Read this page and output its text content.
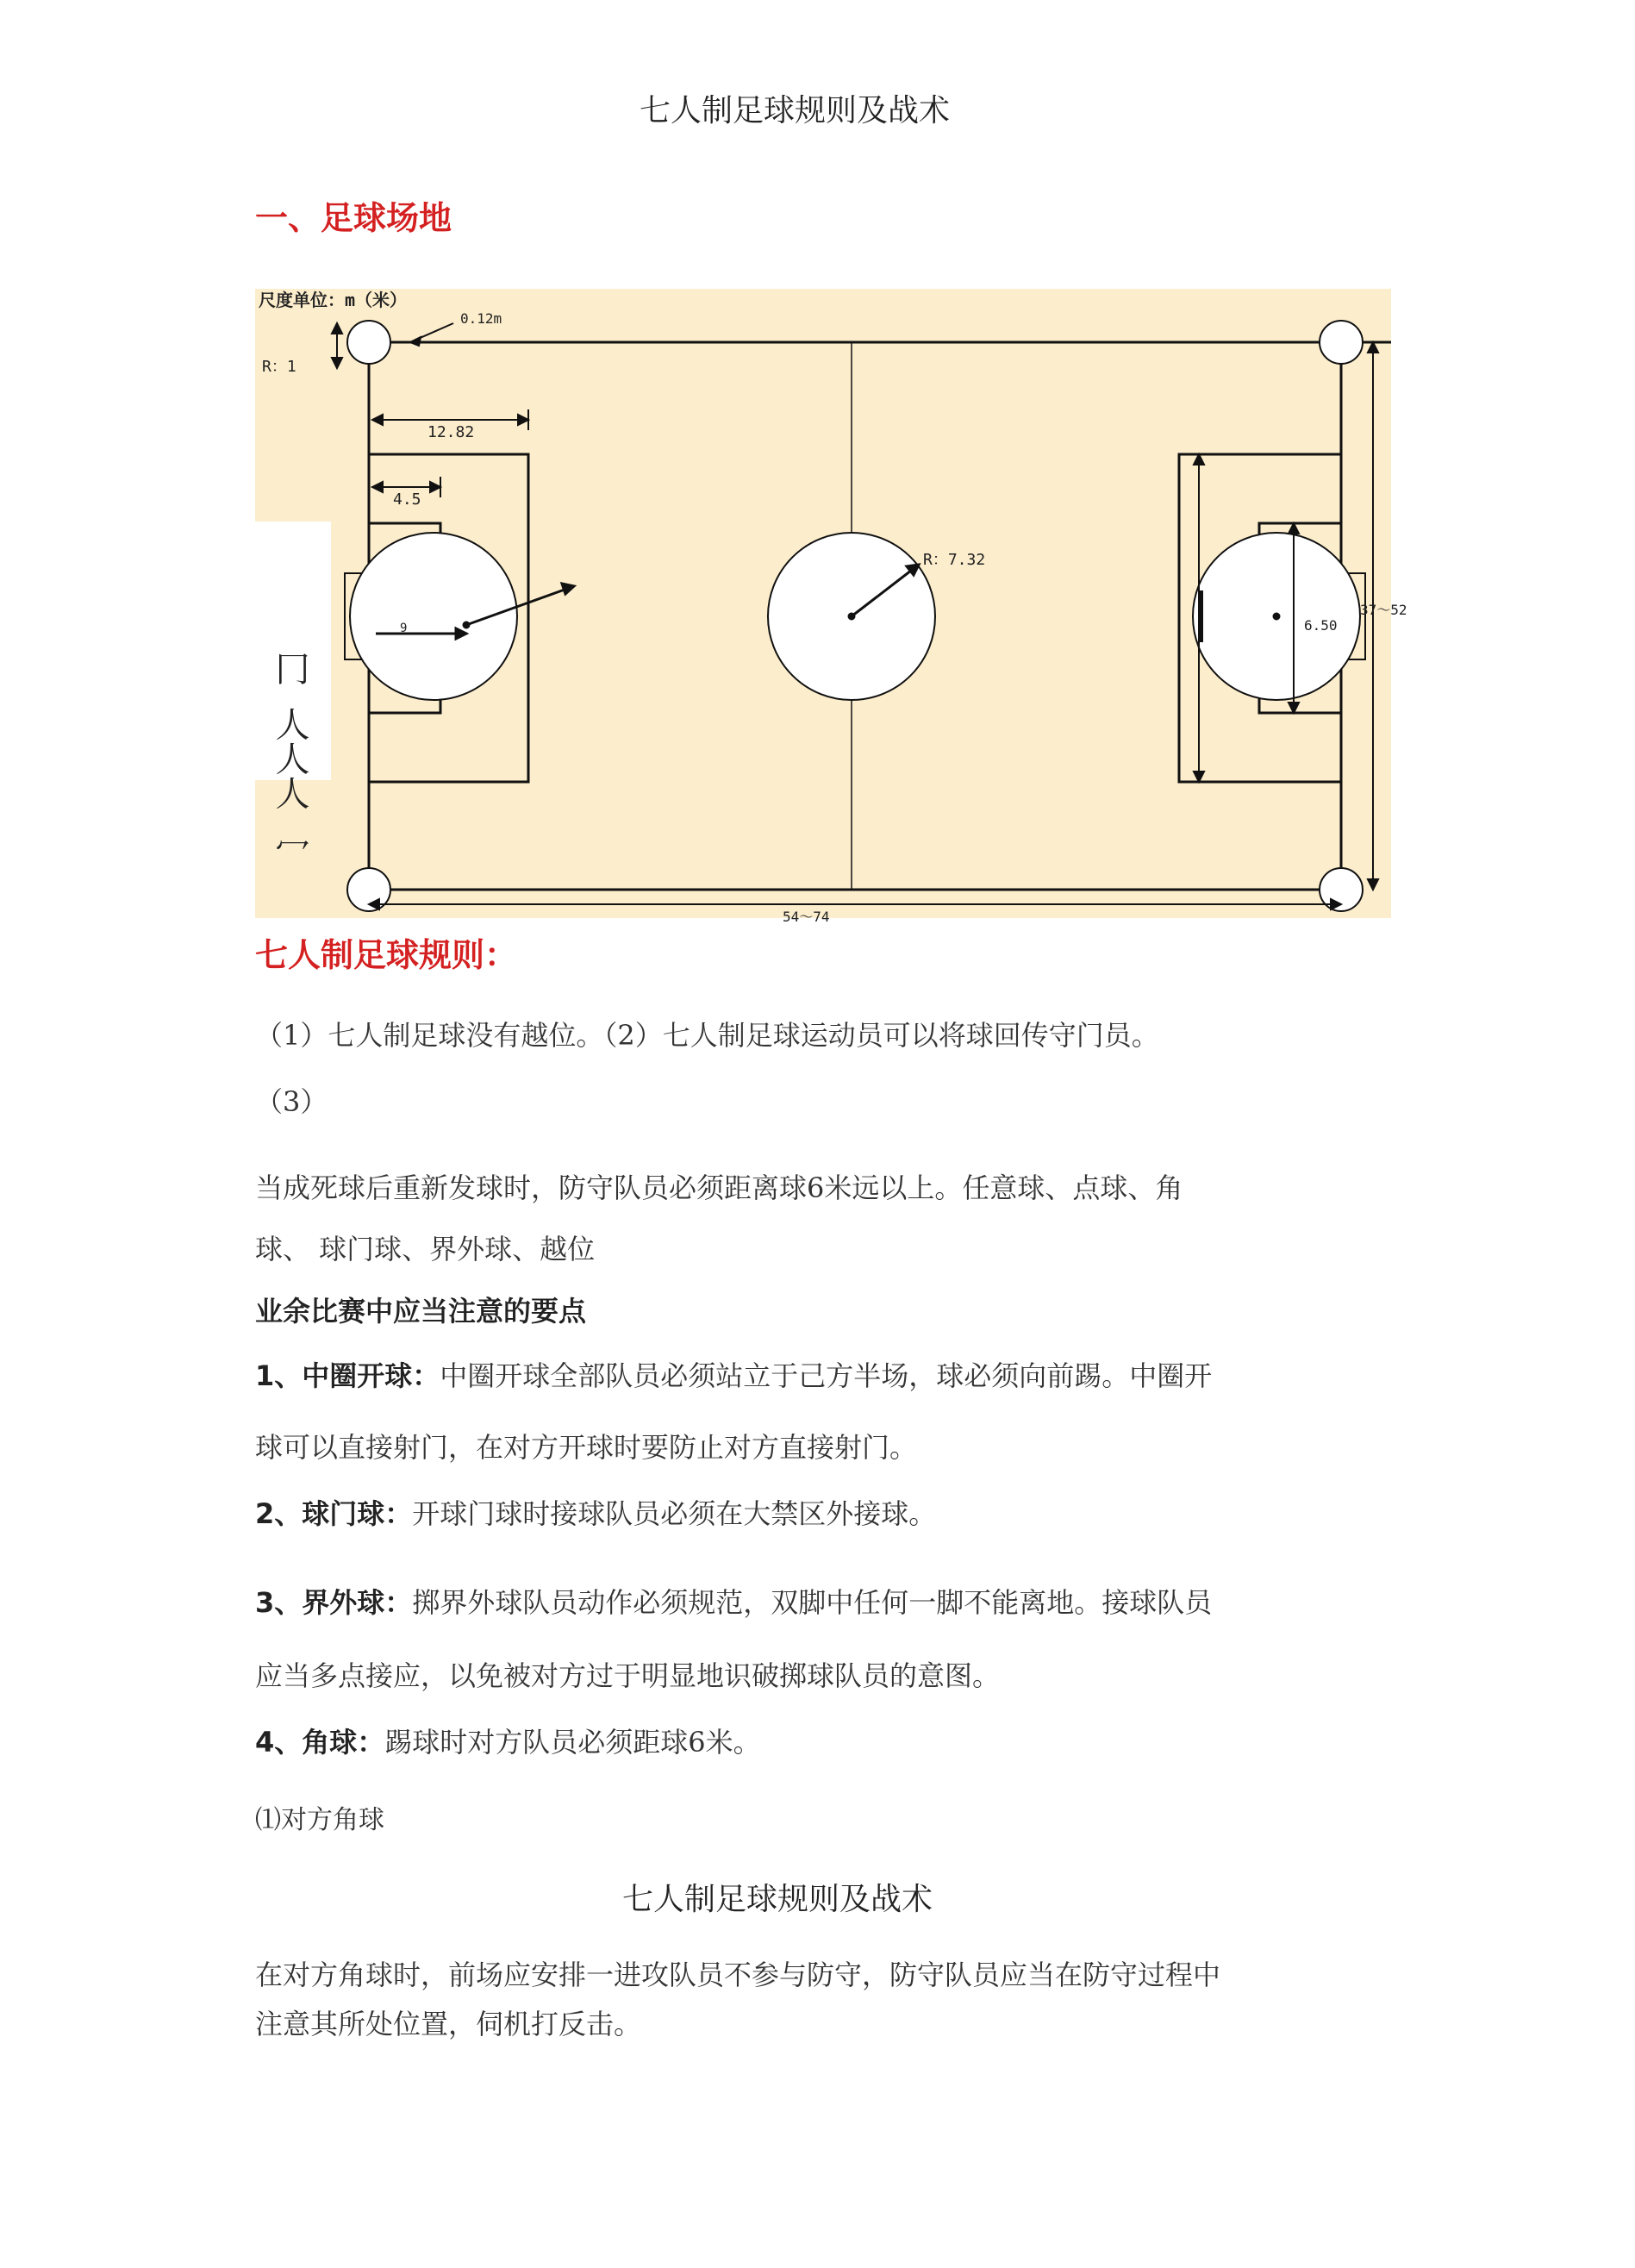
七人制足球规则及战术
一、足球场地
尺度单位：m（米）
R：1
0.12m
12.82
4.5
R：7.32
6.50
37～52
9
54～74
冂 人人人 冖
七人制足球规则：
（1）七人制足球没有越位。（2）七人制足球运动员可以将球回传守门员。
（3）
当成死球后重新发球时，防守队员必须距离球6米远以上。任意球、点球、角
球、 球门球、界外球、越位
业余比赛中应当注意的要点
1、中圈开球：中圈开球全部队员必须站立于己方半场，球必须向前踢。中圈开
球可以直接射门，在对方开球时要防止对方直接射门。
2、球门球：开球门球时接球队员必须在大禁区外接球。
3、界外球：掷界外球队员动作必须规范，双脚中任何一脚不能离地。接球队员
应当多点接应，以免被对方过于明显地识破掷球队员的意图。
4、角球：踢球时对方队员必须距球6米。
⑴对方角球
七人制足球规则及战术
在对方角球时，前场应安排一进攻队员不参与防守，防守队员应当在防守过程中
注意其所处位置，伺机打反击。
